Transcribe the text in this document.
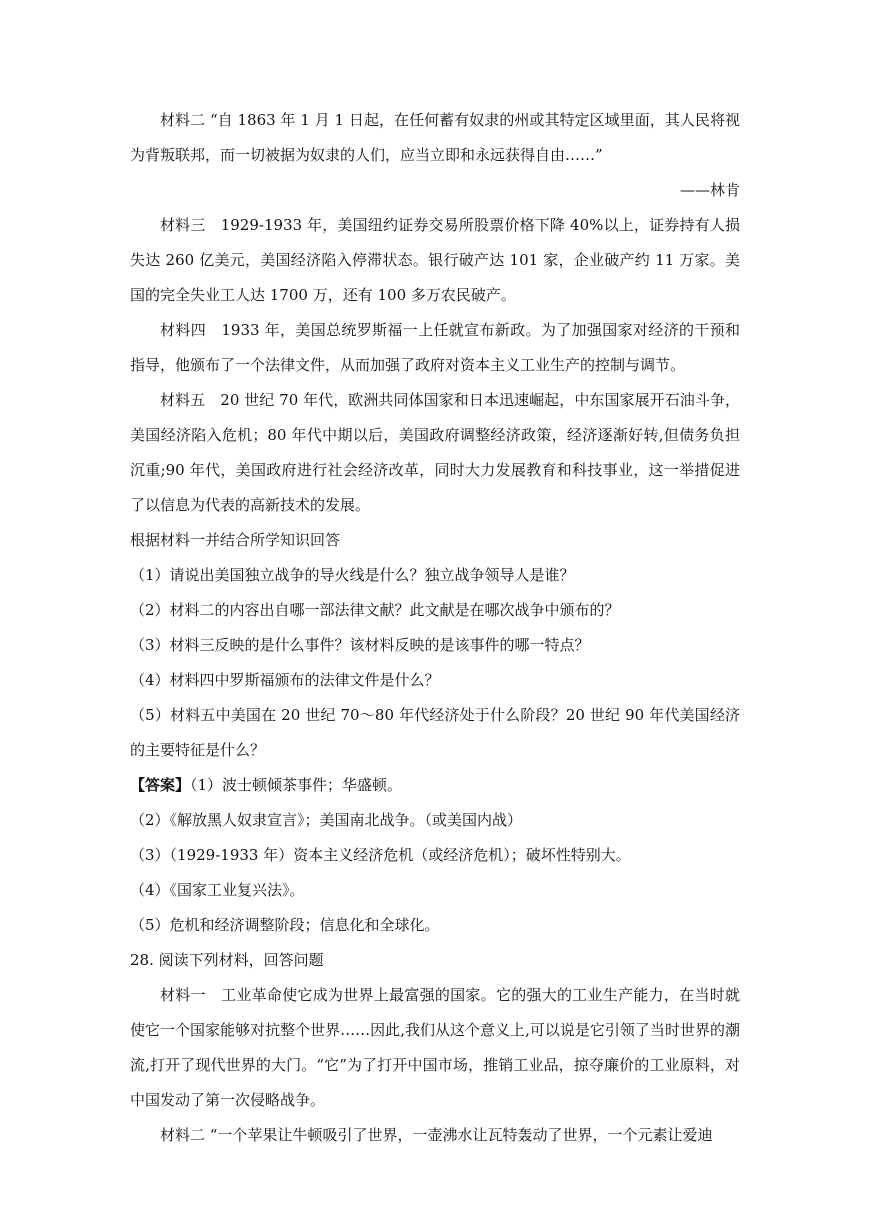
材料二 “自 1863 年 1 月 1 日起，在任何蓄有奴隶的州或其特定区域里面，其人民将视为背叛联邦，而一切被据为奴隶的人们，应当立即和永远获得自由……”

——林肯

材料三　1929-1933 年，美国纽约证券交易所股票价格下降 40%以上，证券持有人损失达 260 亿美元，美国经济陷入停滞状态。银行破产达 101 家，企业破产约 11 万家。美国的完全失业工人达 1700 万，还有 100 多万农民破产。

材料四　1933 年，美国总统罗斯福一上任就宣布新政。为了加强国家对经济的干预和指导，他颁布了一个法律文件，从而加强了政府对资本主义工业生产的控制与调节。

材料五　20 世纪 70 年代，欧洲共同体国家和日本迅速崛起，中东国家展开石油斗争，美国经济陷入危机；80 年代中期以后，美国政府调整经济政策，经济逐渐好转,但债务负担沉重;90 年代，美国政府进行社会经济改革，同时大力发展教育和科技事业，这一举措促进了以信息为代表的高新技术的发展。

根据材料一并结合所学知识回答

（1）请说出美国独立战争的导火线是什么？独立战争领导人是谁？

（2）材料二的内容出自哪一部法律文献？此文献是在哪次战争中颁布的？

（3）材料三反映的是什么事件？该材料反映的是该事件的哪一特点？

（4）材料四中罗斯福颁布的法律文件是什么？

（5）材料五中美国在 20 世纪 70～80 年代经济处于什么阶段？20 世纪 90 年代美国经济的主要特征是什么？

【答案】（1）波士顿倾茶事件；华盛顿。

（2）《解放黑人奴隶宣言》；美国南北战争。（或美国内战）

（3）（1929-1933 年）资本主义经济危机（或经济危机）；破坏性特别大。

（4）《国家工业复兴法》。

（5）危机和经济调整阶段；信息化和全球化。

28. 阅读下列材料，回答问题

材料一　工业革命使它成为世界上最富强的国家。它的强大的工业生产能力，在当时就使它一个国家能够对抗整个世界……因此,我们从这个意义上,可以说是它引领了当时世界的潮流,打开了现代世界的大门。“它”为了打开中国市场，推销工业品，掠夺廉价的工业原料，对中国发动了第一次侵略战争。

材料二 “一个苹果让牛顿吸引了世界，一壶沸水让瓦特轰动了世界，一个元素让爱迪
